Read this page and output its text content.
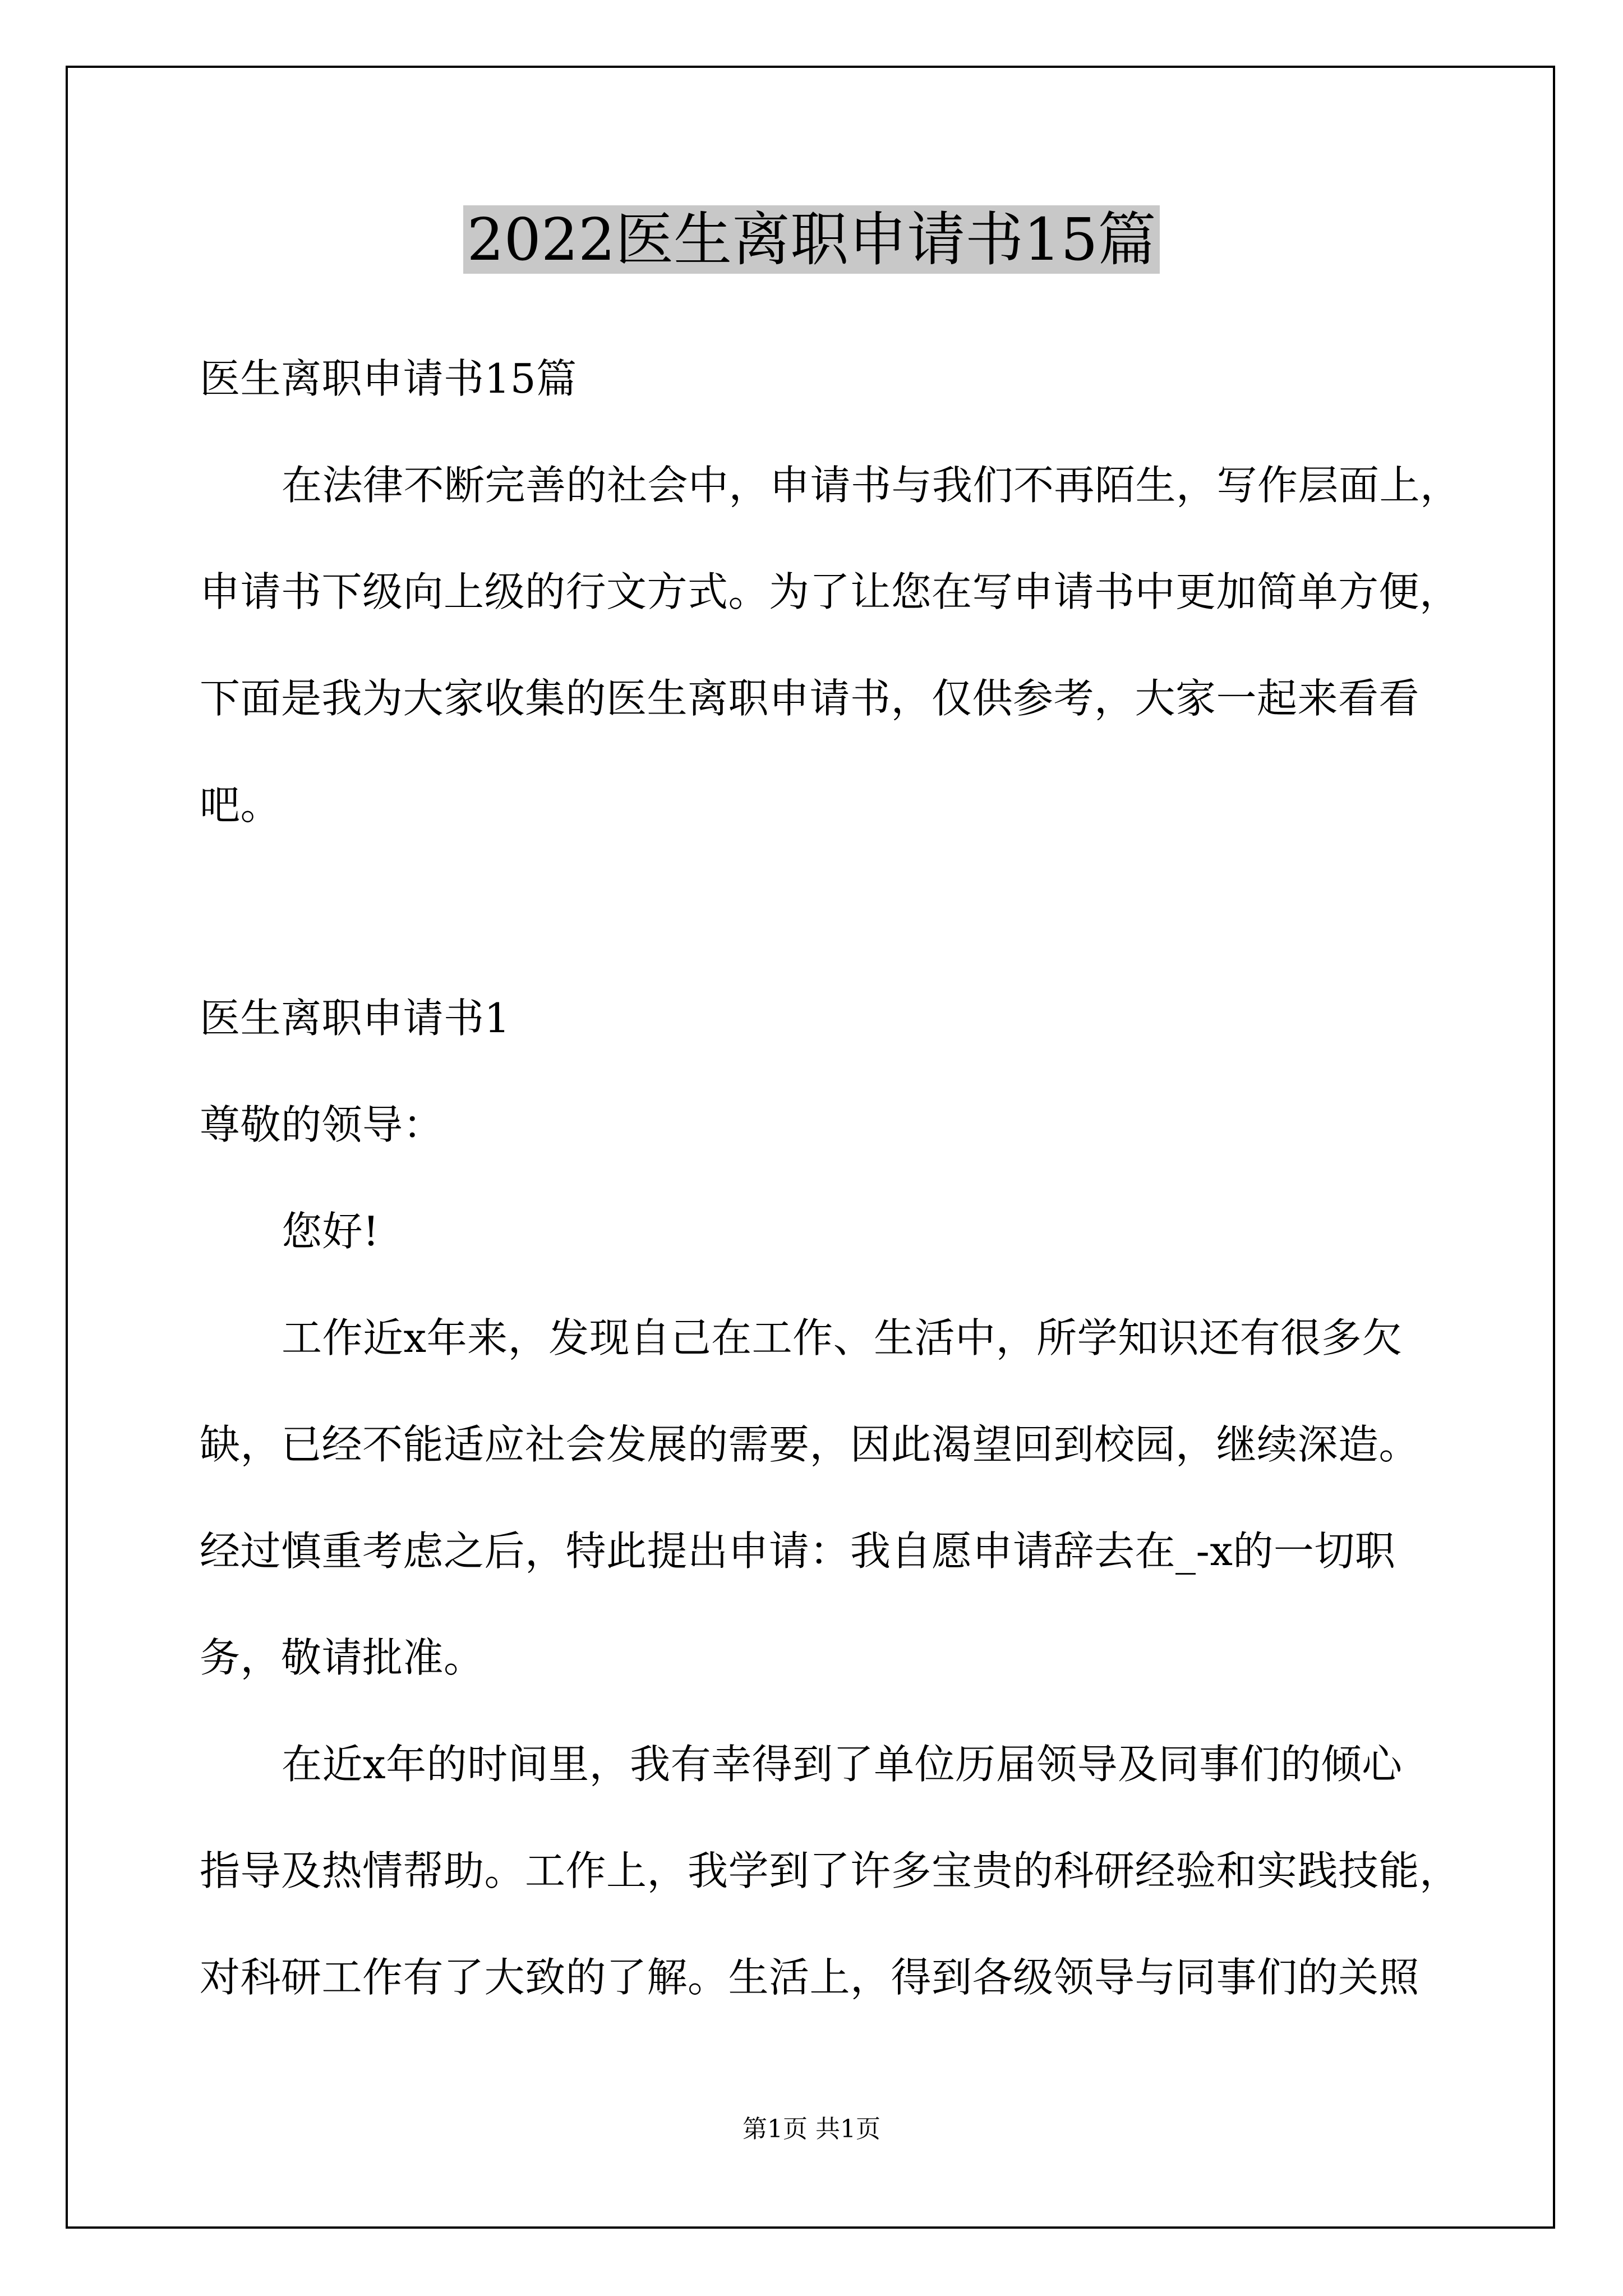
2022医生离职申请书15篇
医生离职申请书15篇
在法律不断完善的社会中，申请书与我们不再陌生，写作层面上，
申请书下级向上级的行文方式。为了让您在写申请书中更加简单方便，
下面是我为大家收集的医生离职申请书，仅供参考，大家一起来看看
吧。
医生离职申请书1
尊敬的领导：
您好!
工作近x年来，发现自己在工作、生活中，所学知识还有很多欠
缺，已经不能适应社会发展的需要，因此渴望回到校园，继续深造。
经过慎重考虑之后，特此提出申请：我自愿申请辞去在_-x的一切职
务，敬请批准。
在近x年的时间里，我有幸得到了单位历届领导及同事们的倾心
指导及热情帮助。工作上，我学到了许多宝贵的科研经验和实践技能，
对科研工作有了大致的了解。生活上，得到各级领导与同事们的关照
第1页 共1页
